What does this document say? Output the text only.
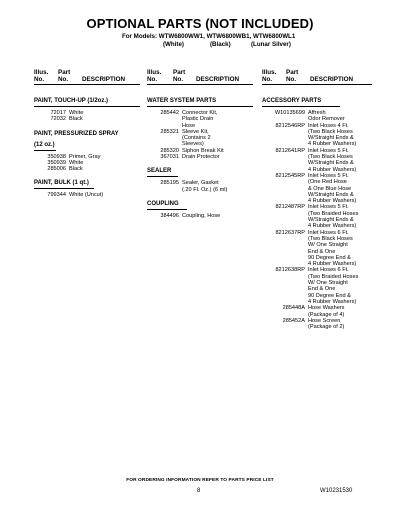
OPTIONAL PARTS (NOT INCLUDED)
For Models: WTW6800WW1, WTW6800WB1, WTW6800WL1
(White)	(Black)	(Lunar Silver)
Illus. Part
No. No. DESCRIPTION
PAINT, TOUCH-UP (1/2oz.)
72017 White
72032 Black
PAINT, PRESSURIZED SPRAY
(12 oz.)
350938 Primer, Gray
350939 White
285006 Black
PAINT, BULK (1 qt.)
799344 White (Uncut)
Illus. Part
No.	No. DESCRIPTION
WATER SYSTEM PARTS
285442 Connector Kit,
Plastic Drain
Hose
285321 Sleeve Kit,
(Contains 2
Sleeves)
285320 Siphon Break Kit
367031 Drain Protector
SEALER
285195 Sealer, Gasket
(.20 Fl. Oz.) (6 ml)
COUPLING
384496 Coupling, Hose
Illus. Part
No. No. DESCRIPTION
ACCESSORY PARTS
W10135699 Affresh
Odor Remover
8212546RP Inlet Hoses 4 Ft.
(Two Black Hoses
W/Straight Ends &
4 Rubber Washers)
8212641RP Inlet Hoses 5 Ft.
(Two Black Hoses
W/Straight Ends &
4 Rubber Washers)
8212545RP Inlet Hoses 5 Ft.
(One Red Hose
& One Blue Hose
W/Straight Ends &
4 Rubber Washers)
8212487RP Inlet Hoses 5 Ft.
(Two Braided Hoses
W/Straight Ends &
4 Rubber Washers)
8212637RP Inlet Hoses 6 Ft.
(Two Black Hoses
W/ One Straight
End & One
90 Degree End &
4 Rubber Washers)
8212638RP Inlet Hoses 6 Ft.
(Two Braided Hoses
W/ One Straight
End & One
90 Degree End &
4 Rubber Washers)
285448A Hose Washers
(Package of 4)
285452A Hose Screen
(Package of 2)
FOR ORDERING INFORMATION REFER TO PARTS PRICE LIST
8	W10231530
